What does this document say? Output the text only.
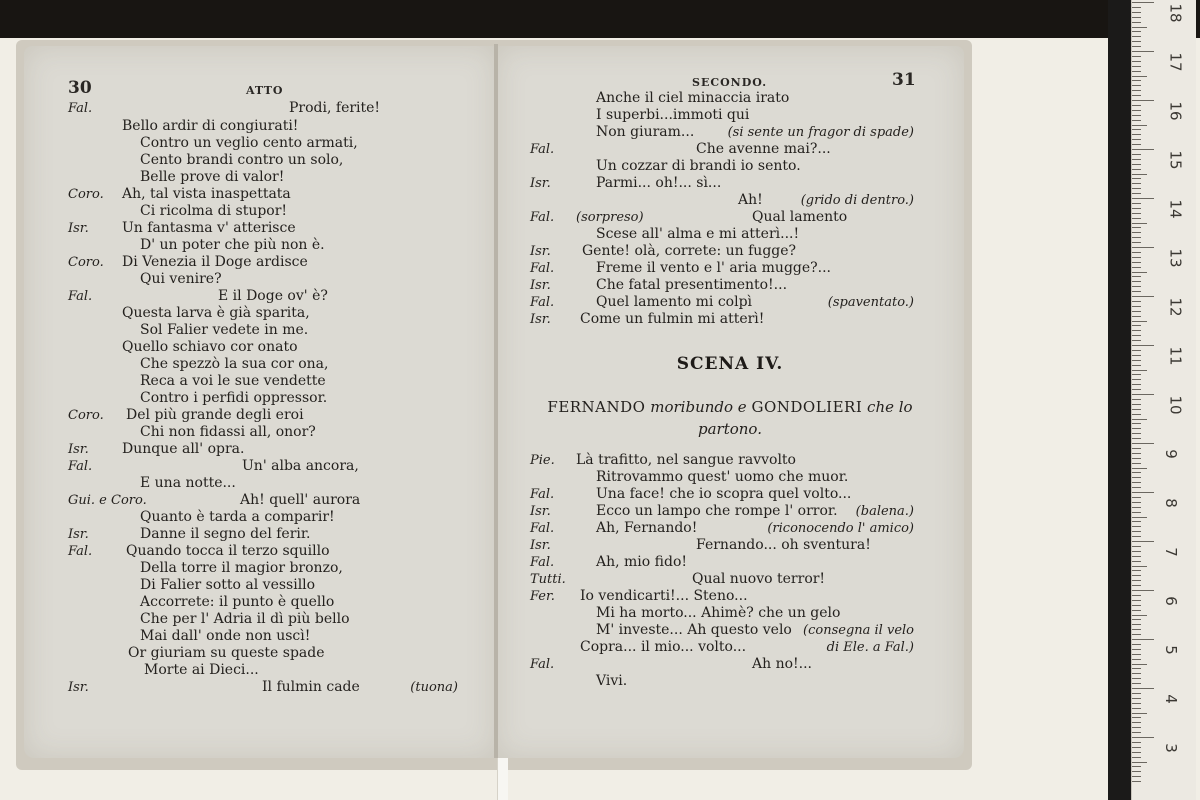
18
17
16
15
14
13
12
11
10
9
8
7
6
5
4
3
30	ATTO
Fal.	Prodi, ferite!
Bello ardir di congiurati!
Contro un veglio cento armati,
Cento brandi contro un solo,
Belle prove di valor!
Coro. Ah, tal vista inaspettata
Ci ricolma di stupor!
Isr. Un fantasma v' atterisce
D' un poter che più non è.
Coro. Di Venezia il Doge ardisce
Qui venire?
Fal.	E il Doge ov' è?
Questa larva è già sparita,
Sol Falier vedete in me.
Quello schiavo cor onato
Che spezzò la sua cor ona,
Reca a voi le sue vendette
Contro i perfidi oppressor.
Coro. Del più grande degli eroi
Chi non fidassi all, onor?
Isr. Dunque all' opra.
Fal.	Un' alba ancora,
E una notte...
Gui. e Coro.	Ah! quell' aurora
Quanto è tarda a comparir!
Isr.	Danne il segno del ferir.
Fal. Quando tocca il terzo squillo
Della torre il magior bronzo,
Di Falier sotto al vessillo
Accorrete: il punto è quello
Che per l' Adria il dì più bello
Mai dall' onde non uscì!
Or giuriam su queste spade
Morte ai Dieci...
Isr.	Il fulmin cade	(tuona)
SECONDO.	31
SCENA IV.
FERNANDO moribundo e GONDOLIERI che lo
partono.
Anche il ciel minaccia irato
I superbi...immoti qui
Non giuram...	(si sente un fragor di spade)
Fal.	Che avenne mai?...
Un cozzar di brandi io sento.
Isr.	Parmi... oh!... sì...
Ah!	(grido di dentro.)
Fal. (sorpreso)	Qual lamento
Scese all' alma e mi atterì...!
Isr. Gente! olà, correte: un fugge?
Fal.	Freme il vento e l' aria mugge?...
Isr.	Che fatal presentimento!...
Fal.	Quel lamento mi colpì	(spaventato.)
Isr. Come un fulmin mi atterì!
Pie. Là trafitto, nel sangue ravvolto
Ritrovammo quest' uomo che muor.
Fal.	Una face! che io scopra quel volto...
Isr.	Ecco un lampo che rompe l' orror. (balena.)
Fal.	Ah, Fernando!	(riconocendo l' amico)
Isr.	Fernando... oh sventura!
Fal.	Ah, mio fido!
Tutti.	Qual nuovo terror!
Fer. Io vendicarti!... Steno...
Mi ha morto... Ahimè? che un gelo
M' investe... Ah questo velo (consegna il velo
Copra... il mio... volto...	di Ele. a Fal.)
Fal.	Ah no!...
Vivi.
